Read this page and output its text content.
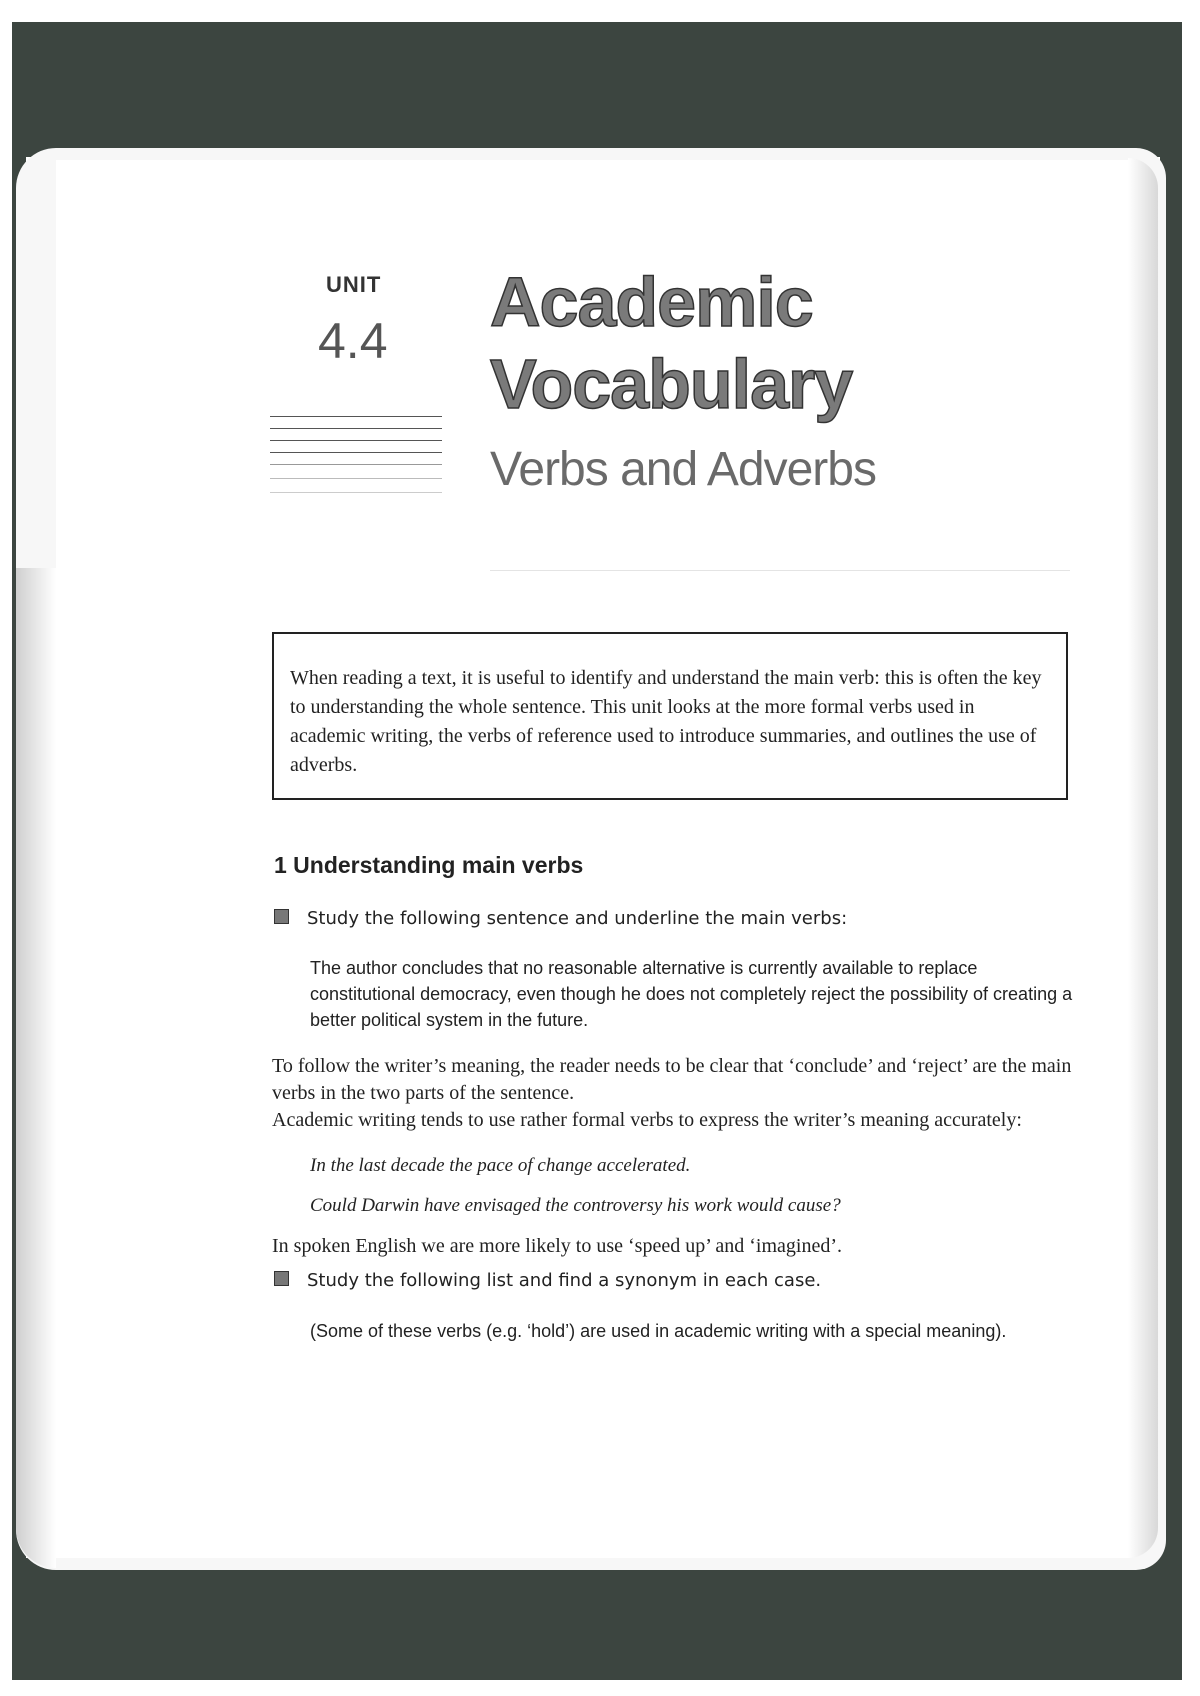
UNIT
4.4 Academic
Vocabulary
Verbs and Adverbs
When reading a text, it is useful to identify and understand the main verb: this is often the key to understanding the whole sentence. This unit looks at the more formal verbs used in academic writing, the verbs of reference used to introduce summaries, and outlines the use of adverbs.
1 Understanding main verbs
Study the following sentence and underline the main verbs:
The author concludes that no reasonable alternative is currently available to replace constitutional democracy, even though he does not completely reject the possibility of creating a better political system in the future.
To follow the writer’s meaning, the reader needs to be clear that ‘conclude’ and ‘reject’ are the main verbs in the two parts of the sentence.
Academic writing tends to use rather formal verbs to express the writer’s meaning accurately:
In the last decade the pace of change accelerated.
Could Darwin have envisaged the controversy his work would cause?
In spoken English we are more likely to use ‘speed up’ and ‘imagined’.
Study the following list and find a synonym in each case.
(Some of these verbs (e.g. ‘hold’) are used in academic writing with a special meaning).
